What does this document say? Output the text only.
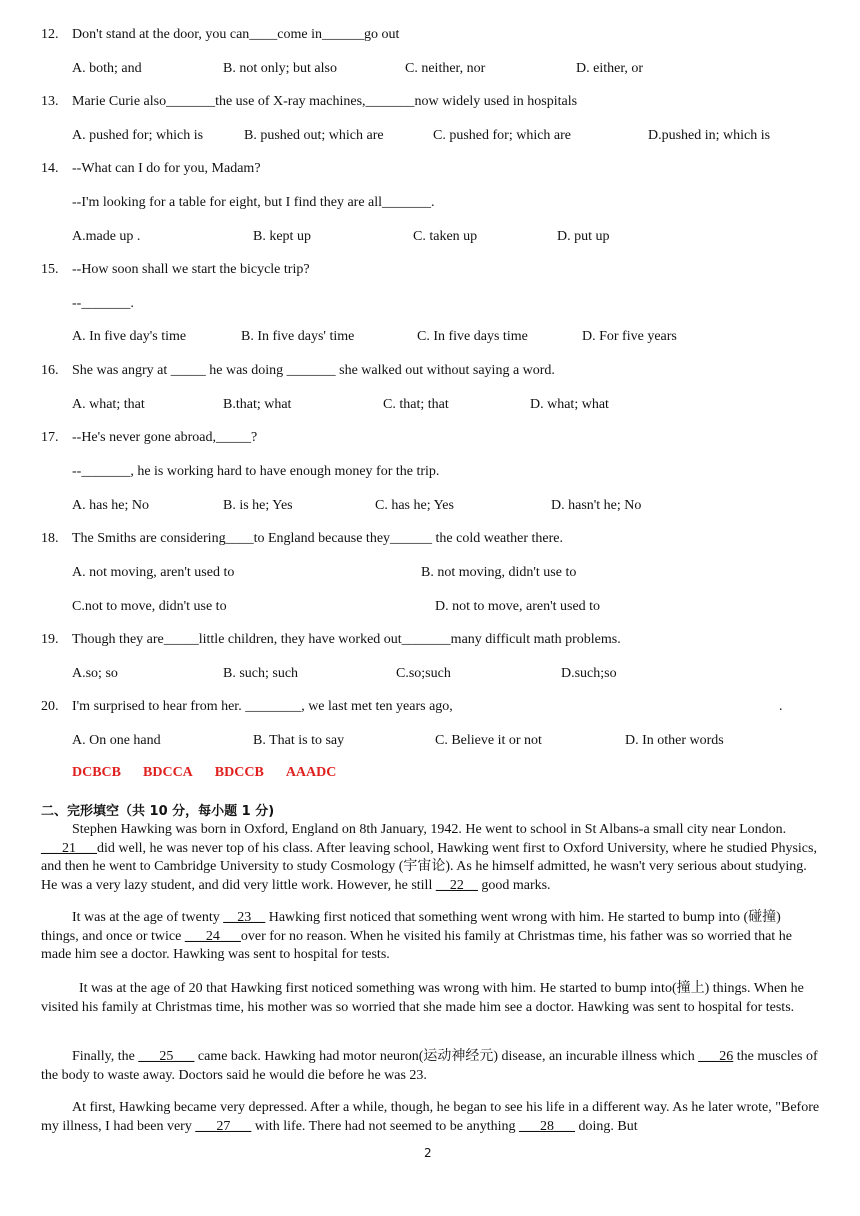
12. Don't stand at the door, you can____come in______go out
A. both; and	B. not only; but also	C. neither, nor	D. either, or
13. Marie Curie also_______the use of X-ray machines,_______now widely used in hospitals
A. pushed for; which is	B. pushed out; which are	C. pushed for; which are	D.pushed in; which is
14. --What can I do for you, Madam?
--I'm looking for a table for eight, but I find they are all_______.
A.made up .	B. kept up	C. taken up	D. put up
15. --How soon shall we start the bicycle trip?
--_______.
A. In five day's time	B. In five days' time	C. In five days time	D. For five years
16. She was angry at _____ he was doing _______ she walked out without saying a word.
A. what; that	B.that; what	C. that; that	D. what; what
17. --He's never gone abroad,_____?
--_______, he is working hard to have enough money for the trip.
A. has he; No	B. is he; Yes	C. has he; Yes	D. hasn't he; No
18. The Smiths are considering____to England because they______ the cold weather there.
A. not moving, aren't used to	B. not moving, didn't use to
C.not to move, didn't use to	D. not to move, aren't used to
19. Though they are_____little children, they have worked out_______many difficult math problems.
A.so; so	B. such; such	C.so;such	D.such;so
20. I'm surprised to hear from her. ________, we last met ten years ago,	.
A. On one hand	B. That is to say	C. Believe it or not	D. In other words
DCBCB BDCCA BDCCB AAADC
二、完形填空（共 10 分，每小题 1 分)
Stephen Hawking was born in Oxford, England on 8th January, 1942. He went to school in St Albans-a small city near London. ___21___did well, he was never top of his class. After leaving school, Hawking went first to Oxford University, where he studied Physics, and then he went to Cambridge University to study Cosmology (宇宙论). As he himself admitted, he wasn't very serious about studying. He was a very lazy student, and did very little work. However, he still __22__ good marks.
It was at the age of twenty __23__ Hawking first noticed that something went wrong with him. He started to bump into (碰撞) things, and once or twice ___24___over for no reason. When he visited his family at Christmas time, his father was so worried that he made him see a doctor. Hawking was sent to hospital for tests.
It was at the age of 20 that Hawking first noticed something was wrong with him. He started to bump into(撞上) things. When he visited his family at Christmas time, his mother was so worried that she made him see a doctor. Hawking was sent to hospital for tests.
Finally, the ___25___ came back. Hawking had motor neuron(运动神经元) disease, an incurable illness which ___26 the muscles of the body to waste away. Doctors said he would die before he was 23.
At first, Hawking became very depressed. After a while, though, he began to see his life in a different way. As he later wrote, "Before my illness, I had been very ___27___ with life. There had not seemed to be anything ___28___ doing. But
2
